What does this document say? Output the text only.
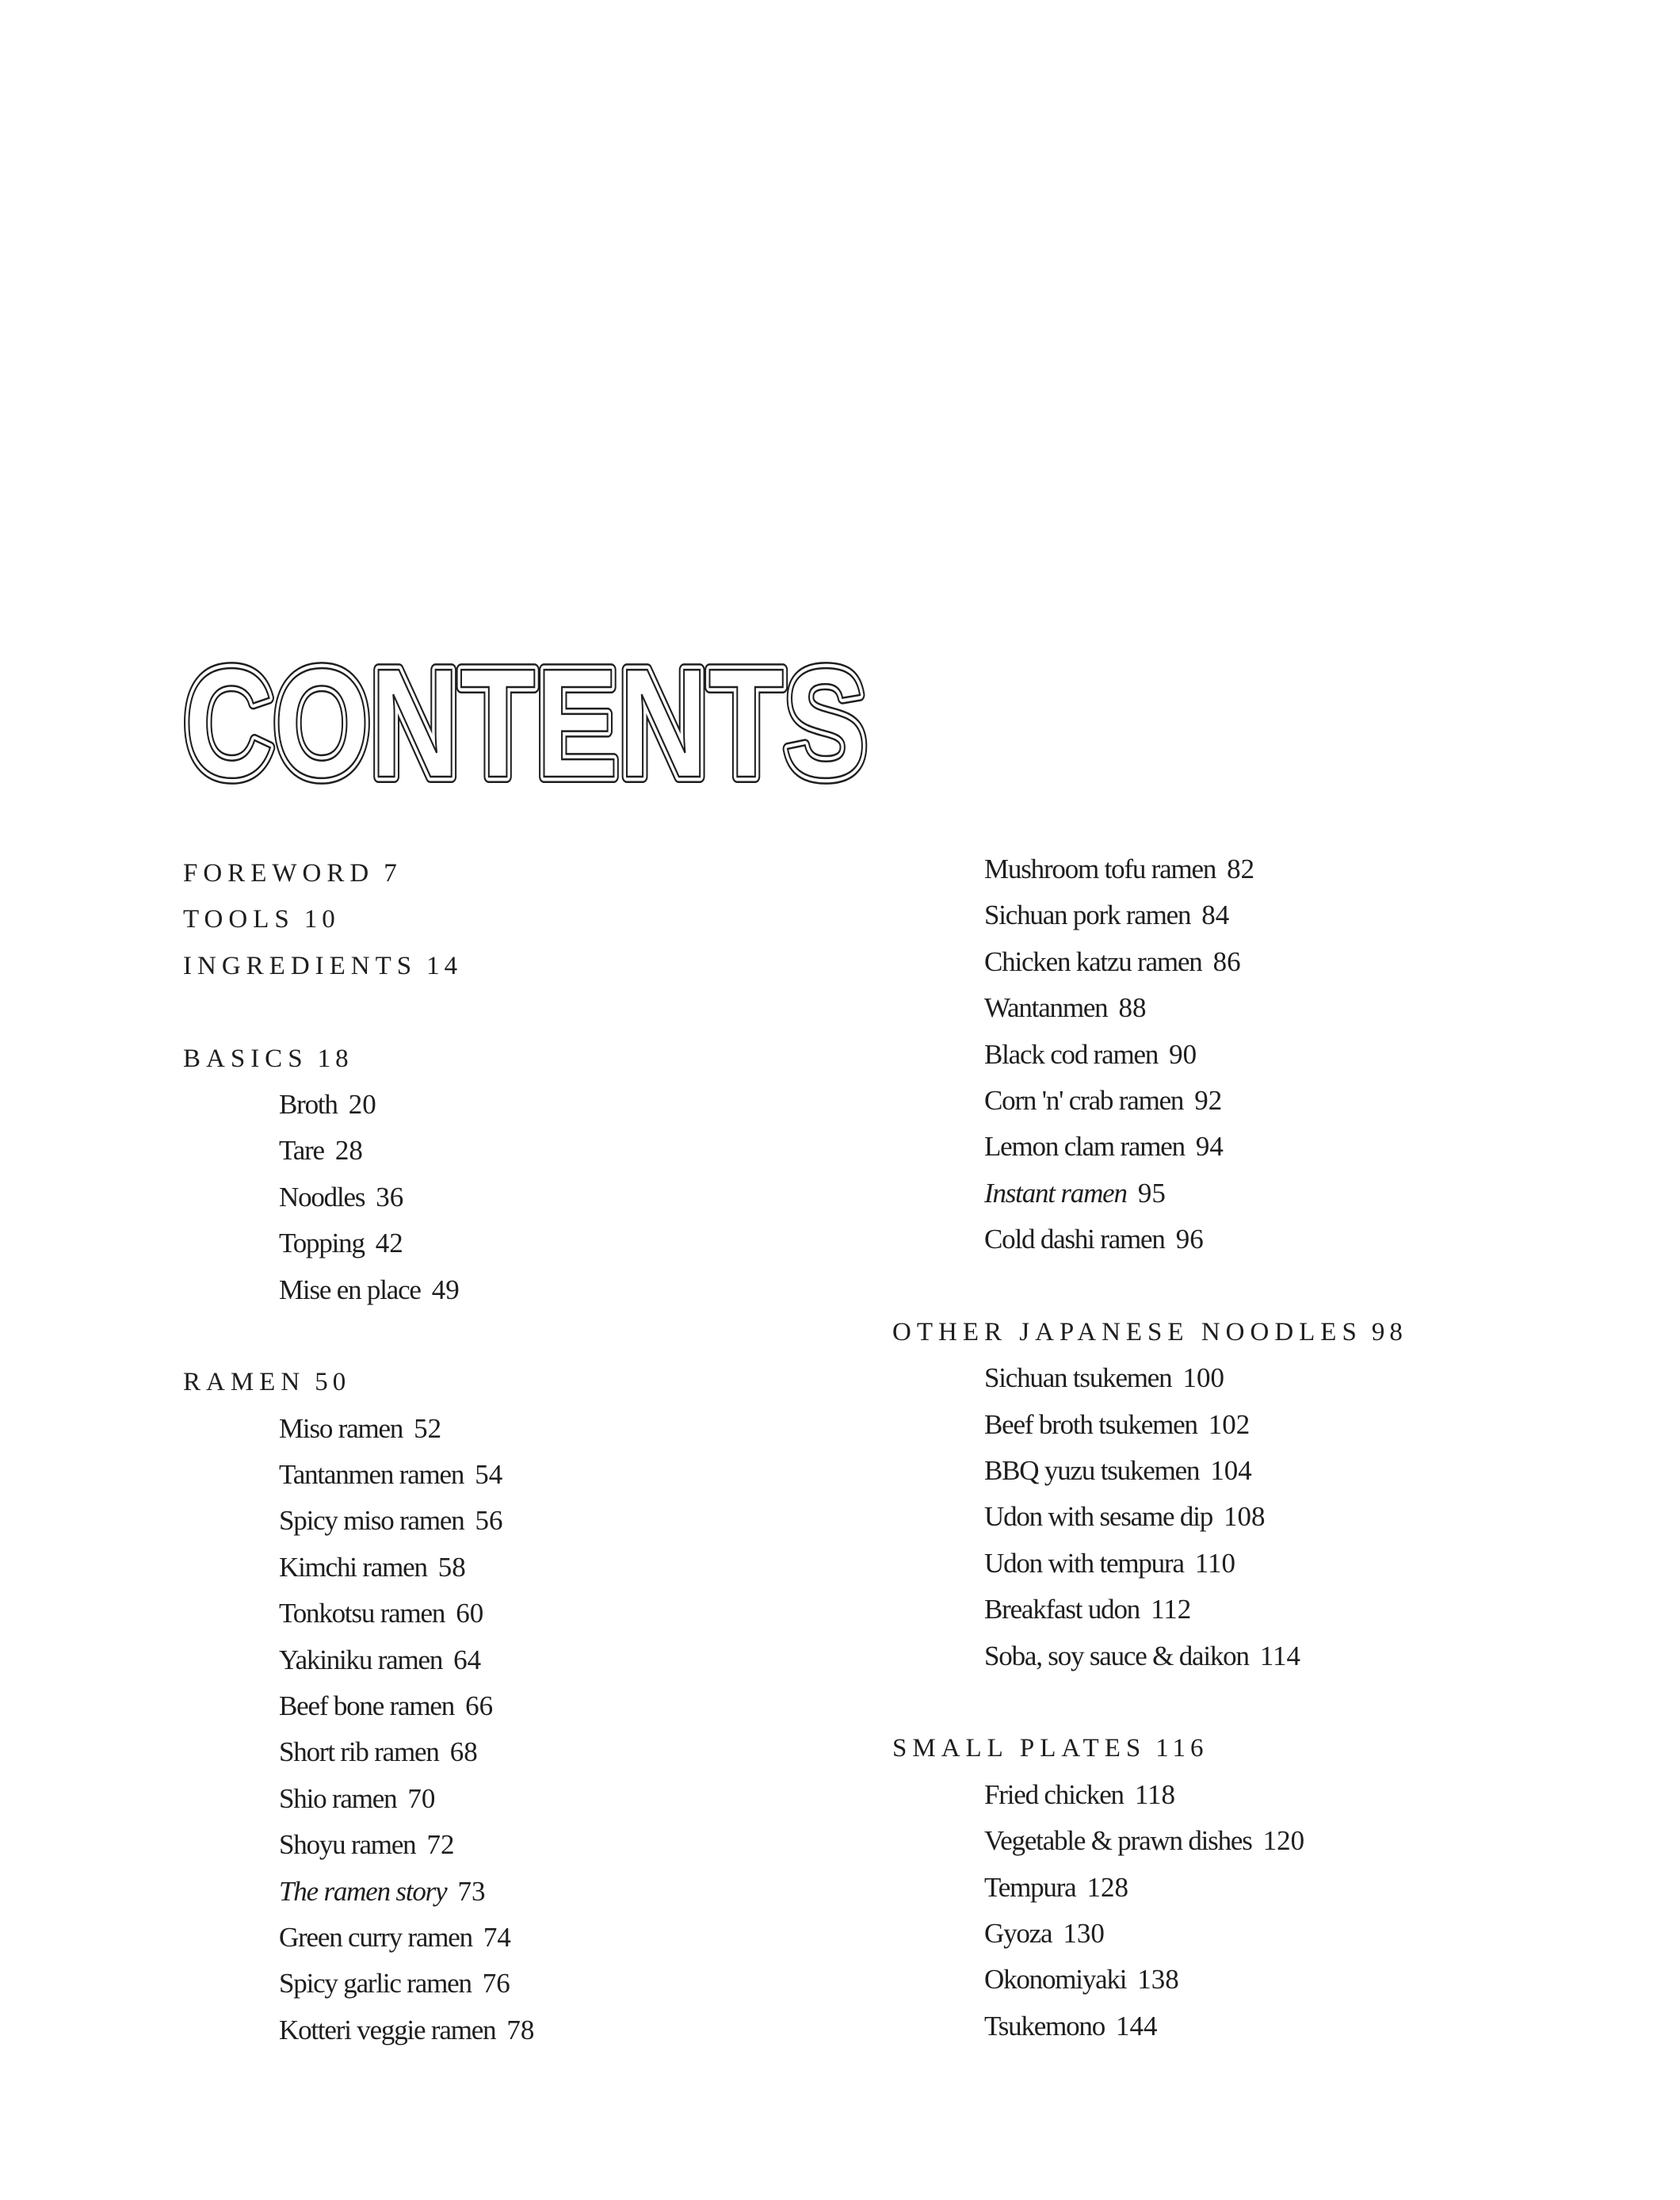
CONTENTS
CONTENTS
CONTENTS
FOREWORD 7
TOOLS 10
INGREDIENTS 14
BASICS 18
Broth 20
Tare 28
Noodles 36
Topping 42
Mise en place 49
RAMEN 50
Miso ramen 52
Tantanmen ramen 54
Spicy miso ramen 56
Kimchi ramen 58
Tonkotsu ramen 60
Yakiniku ramen 64
Beef bone ramen 66
Short rib ramen 68
Shio ramen 70
Shoyu ramen 72
The ramen story 73
Green curry ramen 74
Spicy garlic ramen 76
Kotteri veggie ramen 78
Mushroom tofu ramen 82
Sichuan pork ramen 84
Chicken katzu ramen 86
Wantanmen 88
Black cod ramen 90
Corn 'n' crab ramen 92
Lemon clam ramen 94
Instant ramen 95
Cold dashi ramen 96
OTHER JAPANESE NOODLES 98
Sichuan tsukemen 100
Beef broth tsukemen 102
BBQ yuzu tsukemen 104
Udon with sesame dip 108
Udon with tempura 110
Breakfast udon 112
Soba, soy sauce & daikon 114
SMALL PLATES 116
Fried chicken 118
Vegetable & prawn dishes 120
Tempura 128
Gyoza 130
Okonomiyaki 138
Tsukemono 144
